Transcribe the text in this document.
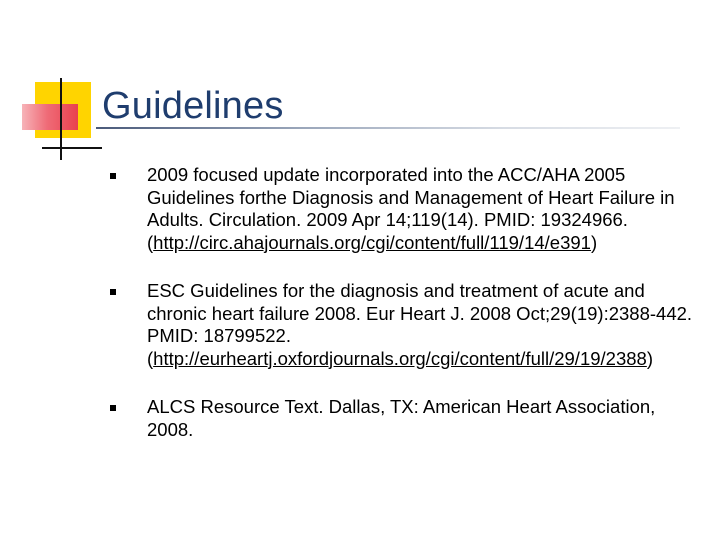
Guidelines
2009 focused update incorporated into the ACC/AHA 2005 Guidelines forthe Diagnosis and Management of Heart Failure in Adults. Circulation. 2009 Apr 14;119(14). PMID: 19324966. (http://circ.ahajournals.org/cgi/content/full/119/14/e391)
ESC Guidelines for the diagnosis and treatment of acute and chronic heart failure 2008. Eur Heart J. 2008 Oct;29(19):2388-442. PMID: 18799522. (http://eurheartj.oxfordjournals.org/cgi/content/full/29/19/2388)
ALCS Resource Text. Dallas, TX: American Heart Association, 2008.
